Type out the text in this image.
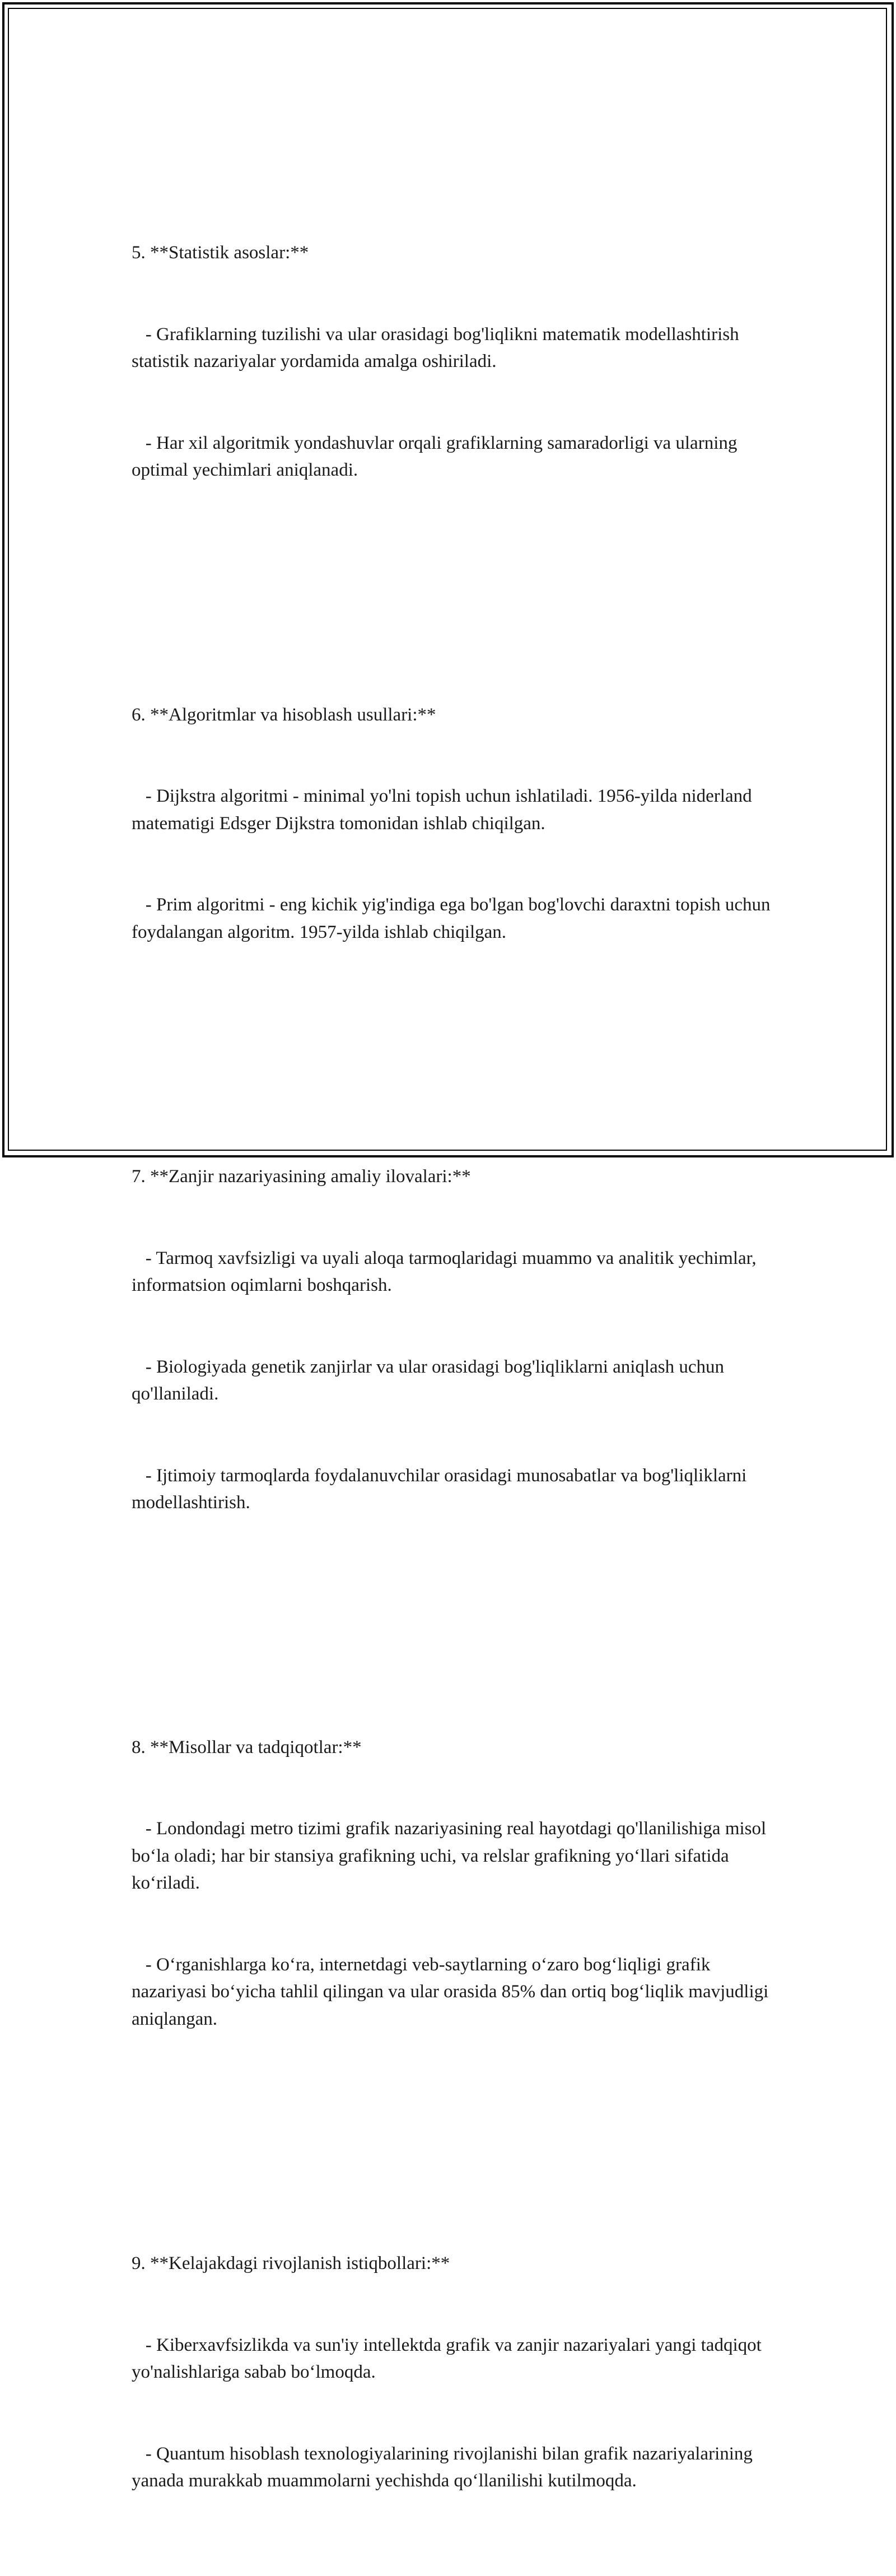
5. **Statistik asoslar:**

- Grafiklarning tuzilishi va ular orasidagi bog'liqlikni matematik modellashtirish statistik nazariyalar yordamida amalga oshiriladi.

- Har xil algoritmik yondashuvlar orqali grafiklarning samaradorligi va ularning optimal yechimlari aniqlanadi.

6. **Algoritmlar va hisoblash usullari:**

- Dijkstra algoritmi - minimal yo'lni topish uchun ishlatiladi. 1956-yilda niderland matematigi Edsger Dijkstra tomonidan ishlab chiqilgan.

- Prim algoritmi - eng kichik yig'indiga ega bo'lgan bog'lovchi daraxtni topish uchun foydalangan algoritm. 1957-yilda ishlab chiqilgan.

7. **Zanjir nazariyasining amaliy ilovalari:**

- Tarmoq xavfsizligi va uyali aloqa tarmoqlaridagi muammo va analitik yechimlar, informatsion oqimlarni boshqarish.

- Biologiyada genetik zanjirlar va ular orasidagi bog'liqliklarni aniqlash uchun qo'llaniladi.

- Ijtimoiy tarmoqlarda foydalanuvchilar orasidagi munosabatlar va bog'liqliklarni modellashtirish.

8. **Misollar va tadqiqotlar:**

- Londondagi metro tizimi grafik nazariyasining real hayotdagi qo'llanilishiga misol bo‘la oladi; har bir stansiya grafikning uchi, va relslar grafikning yo‘llari sifatida ko‘riladi.

- O‘rganishlarga ko‘ra, internetdagi veb-saytlarning o‘zaro bog‘liqligi grafik nazariyasi bo‘yicha tahlil qilingan va ular orasida 85% dan ortiq bog‘liqlik mavjudligi aniqlangan.

9. **Kelajakdagi rivojlanish istiqbollari:**

- Kiberxavfsizlikda va sun'iy intellektda grafik va zanjir nazariyalari yangi tadqiqot yo'nalishlariga sabab bo‘lmoqda.

- Quantum hisoblash texnologiyalarining rivojlanishi bilan grafik nazariyalarining yanada murakkab muammolarni yechishda qo‘llanilishi kutilmoqda.
